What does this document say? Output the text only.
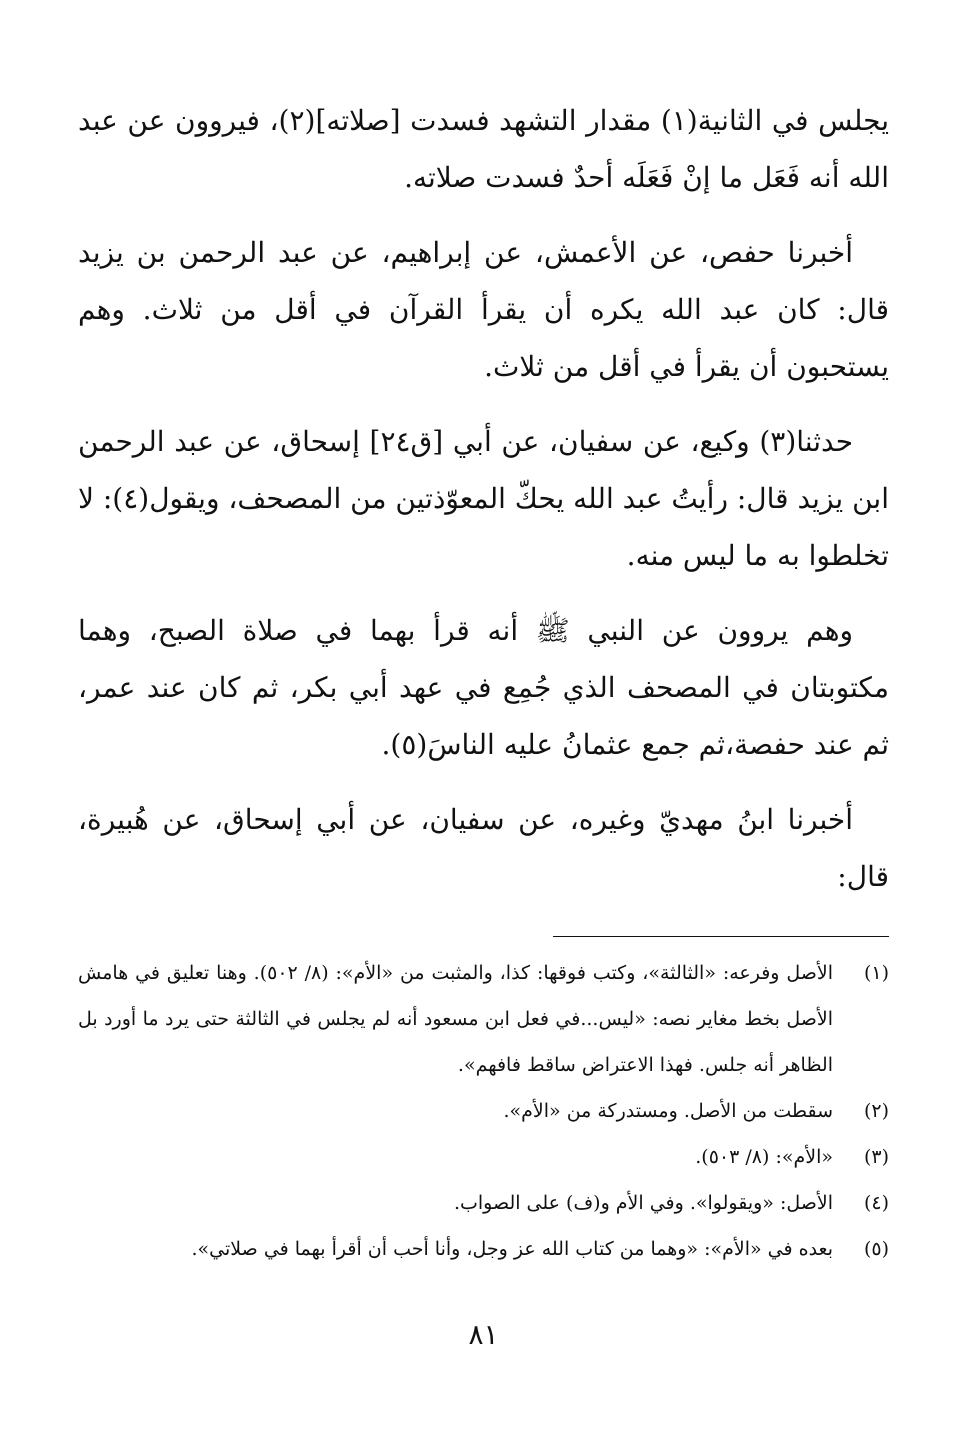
يجلس في الثانية(١) مقدار التشهد فسدت [صلاته](٢)، فيروون عن عبد الله أنه فَعَل ما إنْ فَعَلَه أحدٌ فسدت صلاته.

أخبرنا حفص، عن الأعمش، عن إبراهيم، عن عبد الرحمن بن يزيد قال: كان عبد الله يكره أن يقرأ القرآن في أقل من ثلاث. وهم يستحبون أن يقرأ في أقل من ثلاث.

حدثنا(٣) وكيع، عن سفيان، عن أبي [ق٢٤] إسحاق، عن عبد الرحمن ابن يزيد قال: رأيتُ عبد الله يحكّ المعوّذتين من المصحف، ويقول(٤): لا تخلطوا به ما ليس منه.

وهم يروون عن النبي ﷺ أنه قرأ بهما في صلاة الصبح، وهما مكتوبتان في المصحف الذي جُمِع في عهد أبي بكر، ثم كان عند عمر، ثم عند حفصة،ثم جمع عثمانُ عليه الناسَ(٥).

أخبرنا ابنُ مهديّ وغيره، عن سفيان، عن أبي إسحاق، عن هُبيرة، قال:

(١)
الأصل وفرعه: «الثالثة»، وكتب فوقها: كذا، والمثبت من «الأم»: (٨/ ٥٠٢). وهنا تعليق في هامش الأصل بخط مغاير نصه: «ليس...في فعل ابن مسعود أنه لم يجلس في الثالثة حتى يرد ما أورد بل الظاهر أنه جلس. فهذا الاعتراض ساقط فافهم».
(٢)
سقطت من الأصل. ومستدركة من «الأم».
(٣)
«الأم»: (٨/ ٥٠٣).
(٤)
الأصل: «ويقولوا». وفي الأم و(ف) على الصواب.
(٥)
بعده في «الأم»: «وهما من كتاب الله عز وجل، وأنا أحب أن أقرأ بهما في صلاتي».
٨١
